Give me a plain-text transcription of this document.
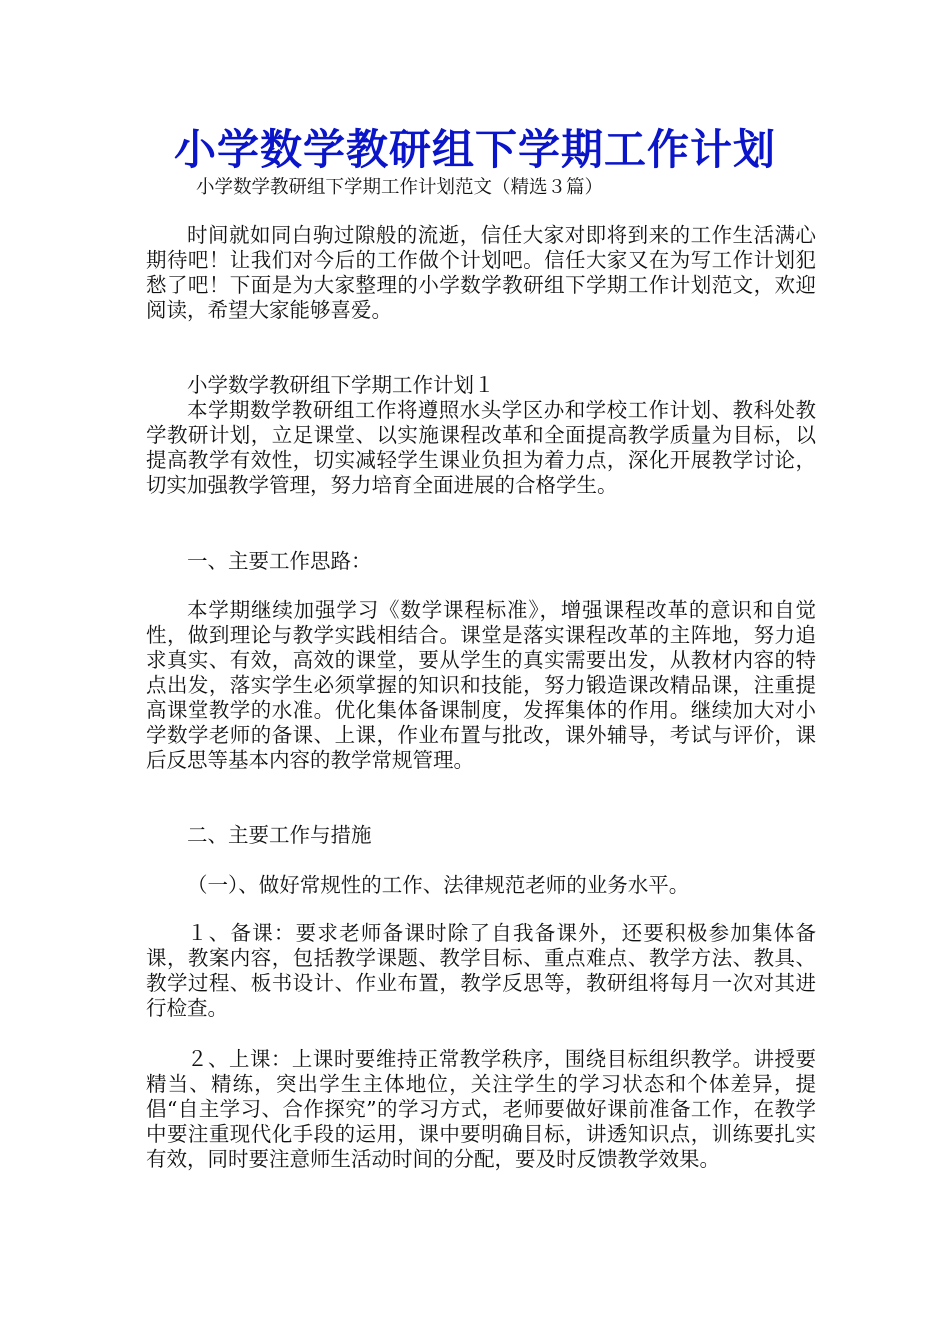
小学数学教研组下学期工作计划
小学数学教研组下学期工作计划范文（精选３篇）

时间就如同白驹过隙般的流逝，信任大家对即将到来的工作生活满心期待吧！让我们对今后的工作做个计划吧。信任大家又在为写工作计划犯愁了吧！下面是为大家整理的小学数学教研组下学期工作计划范文，欢迎阅读，希望大家能够喜爱。

小学数学教研组下学期工作计划１

本学期数学教研组工作将遵照水头学区办和学校工作计划、教科处教学教研计划，立足课堂、以实施课程改革和全面提高教学质量为目标，以提高教学有效性，切实减轻学生课业负担为着力点，深化开展教学讨论，切实加强教学管理，努力培育全面进展的合格学生。

一、主要工作思路：

本学期继续加强学习《数学课程标准》，增强课程改革的意识和自觉性，做到理论与教学实践相结合。课堂是落实课程改革的主阵地，努力追求真实、有效，高效的课堂，要从学生的真实需要出发，从教材内容的特点出发，落实学生必须掌握的知识和技能，努力锻造课改精品课，注重提高课堂教学的水准。优化集体备课制度，发挥集体的作用。继续加大对小学数学老师的备课、上课，作业布置与批改，课外辅导，考试与评价，课后反思等基本内容的教学常规管理。

二、主要工作与措施

（一）、做好常规性的工作、法律规范老师的业务水平。

１、备课：要求老师备课时除了自我备课外，还要积极参加集体备课，教案内容，包括教学课题、教学目标、重点难点、教学方法、教具、教学过程、板书设计、作业布置，教学反思等，教研组将每月一次对其进行检查。

２、上课：上课时要维持正常教学秩序，围绕目标组织教学。讲授要精当、精练，突出学生主体地位，关注学生的学习状态和个体差异，提倡“自主学习、合作探究”的学习方式，老师要做好课前准备工作，在教学中要注重现代化手段的运用，课中要明确目标，讲透知识点，训练要扎实有效，同时要注意师生活动时间的分配，要及时反馈教学效果。
